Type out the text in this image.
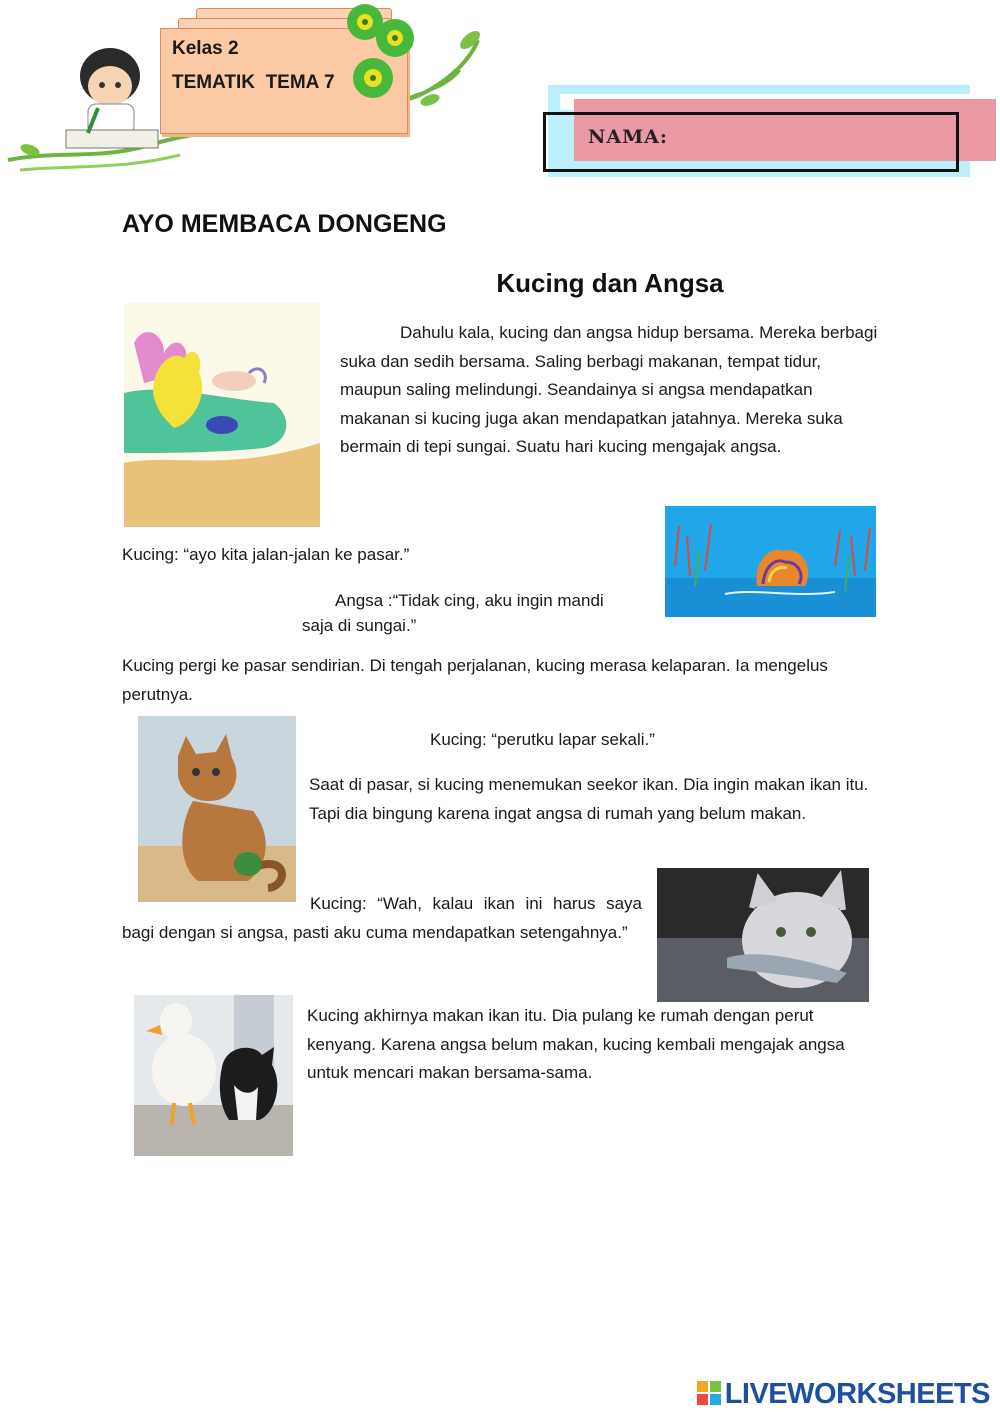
Kelas 2
TEMATIK  TEMA 7
NAMA:
AYO MEMBACA DONGENG
Kucing dan Angsa
Dahulu kala, kucing dan angsa hidup bersama. Mereka berbagi suka dan sedih bersama. Saling berbagi makanan, tempat tidur, maupun saling melindungi. Seandainya si angsa mendapatkan makanan si kucing juga akan mendapatkan jatahnya. Mereka suka bermain di tepi sungai. Suatu hari kucing mengajak angsa.
Kucing: “ayo kita jalan-jalan ke pasar.”
Angsa :“Tidak cing, aku ingin mandi
saja di sungai.”
Kucing pergi ke pasar sendirian. Di tengah perjalanan, kucing merasa kelaparan. Ia mengelus perutnya.
Kucing: “perutku lapar sekali.”
Saat di pasar, si kucing menemukan seekor ikan. Dia ingin makan ikan itu. Tapi dia bingung karena ingat angsa di rumah yang belum makan.
Kucing: “Wah, kalau ikan ini harus saya bagi dengan si angsa, pasti aku cuma mendapatkan setengahnya.”
Kucing akhirnya makan ikan itu. Dia pulang ke rumah dengan perut kenyang. Karena angsa belum makan, kucing kembali mengajak angsa untuk mencari makan bersama-sama.
LIVEWORKSHEETS
